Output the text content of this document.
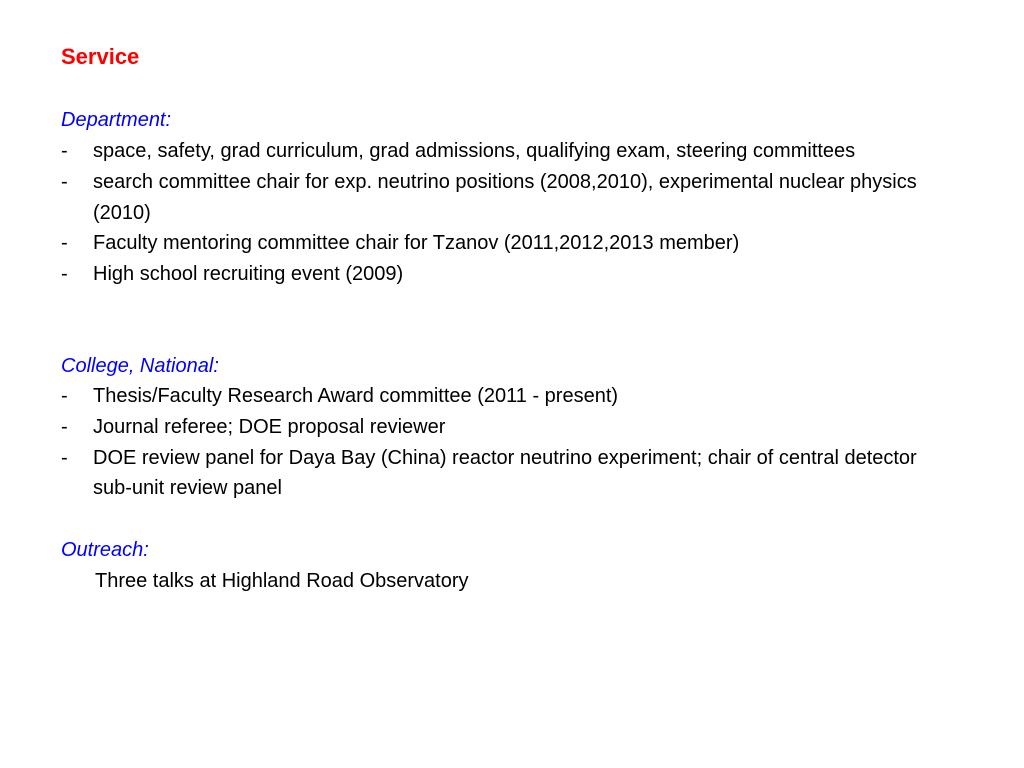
Service
Department:
- space, safety, grad curriculum, grad admissions, qualifying exam, steering committees
- search committee chair for exp. neutrino positions (2008,2010), experimental nuclear physics (2010)
- Faculty mentoring committee chair for Tzanov (2011,2012,2013 member)
- High school recruiting event (2009)
College, National:
- Thesis/Faculty Research Award committee (2011 - present)
- Journal referee; DOE proposal reviewer
- DOE review panel for Daya Bay (China) reactor neutrino experiment; chair of central detector sub-unit review panel
Outreach:
Three talks at Highland Road Observatory
